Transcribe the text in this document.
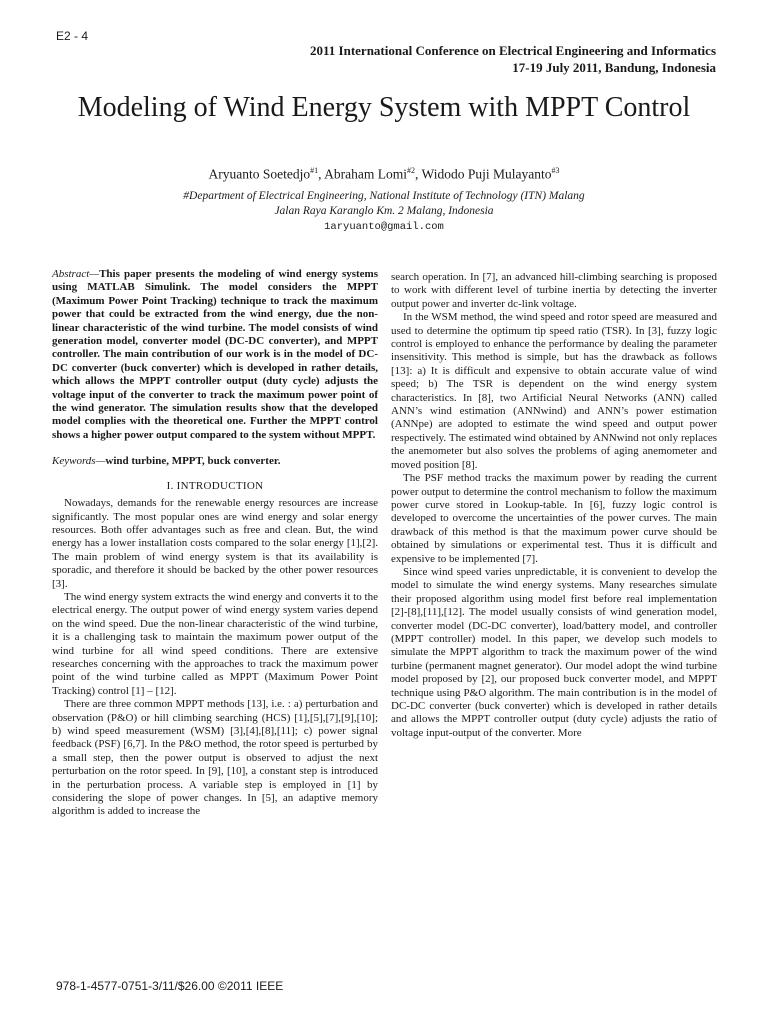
E2 - 4
2011 International Conference on Electrical Engineering and Informatics
17-19 July 2011, Bandung, Indonesia
Modeling of Wind Energy System with MPPT Control
Aryuanto Soetedjo$^{\#1}$, Abraham Lomi$^{\#2}$, Widodo Puji Mulayanto$^{\#3}$
#Department of Electrical Engineering, National Institute of Technology (ITN) Malang
Jalan Raya Karanglo Km. 2 Malang, Indonesia
1aryuanto@gmail.com

Abstract—This paper presents the modeling of wind energy systems using MATLAB Simulink. The model considers the MPPT (Maximum Power Point Tracking) technique to track the maximum power that could be extracted from the wind energy, due the non-linear characteristic of the wind turbine. The model consists of wind generation model, converter model (DC-DC converter), and MPPT controller. The main contribution of our work is in the model of DC-DC converter (buck converter) which is developed in rather details, which allows the MPPT controller output (duty cycle) adjusts the voltage input of the converter to track the maximum power point of the wind generator. The simulation results show that the developed model complies with the theoretical one. Further the MPPT control shows a higher power output compared to the system without MPPT.

Keywords—wind turbine, MPPT, buck converter.

I. INTRODUCTION

Nowadays, demands for the renewable energy resources are increase significantly. The most popular ones are wind energy and solar energy resources. Both offer advantages such as free and clean. But, the wind energy has a lower installation costs compared to the solar energy [1],[2]. The main problem of wind energy system is that its availability is sporadic, and therefore it should be backed by the other power resources [3].

The wind energy system extracts the wind energy and converts it to the electrical energy. The output power of wind energy system varies depend on the wind speed. Due the non-linear characteristic of the wind turbine, it is a challenging task to maintain the maximum power output of the wind turbine for all wind speed conditions. There are extensive researches concerning with the approaches to track the maximum power point of the wind turbine called as MPPT (Maximum Power Point Tracking) control [1] – [12].

There are three common MPPT methods [13], i.e. : a) perturbation and observation (P&O) or hill climbing searching (HCS) [1],[5],[7],[9],[10]; b) wind speed measurement (WSM) [3],[4],[8],[11]; c) power signal feedback (PSF) [6,7]. In the P&O method, the rotor speed is perturbed by a small step, then the power output is observed to adjust the next perturbation on the rotor speed. In [9], [10], a constant step is introduced in the perturbation process. A variable step is employed in [1] by considering the slope of power changes. In [5], an adaptive memory algorithm is added to increase the

search operation. In [7], an advanced hill-climbing searching is proposed to work with different level of turbine inertia by detecting the inverter output power and inverter dc-link voltage.

In the WSM method, the wind speed and rotor speed are measured and used to determine the optimum tip speed ratio (TSR). In [3], fuzzy logic control is employed to enhance the performance by dealing the parameter insensitivity. This method is simple, but has the drawback as follows [13]: a) It is difficult and expensive to obtain accurate value of wind speed; b) The TSR is dependent on the wind energy system characteristics. In [8], two Artificial Neural Networks (ANN) called ANN’s wind estimation (ANNwind) and ANN’s power estimation (ANNpe) are adopted to estimate the wind speed and output power respectively. The estimated wind obtained by ANNwind not only replaces the anemometer but also solves the problems of aging anemometer and moved position [8].

The PSF method tracks the maximum power by reading the current power output to determine the control mechanism to follow the maximum power curve stored in Lookup-table. In [6], fuzzy logic control is developed to overcome the uncertainties of the power curves. The main drawback of this method is that the maximum power curve should be obtained by simulations or experimental test. Thus it is difficult and expensive to be implemented [7].

Since wind speed varies unpredictable, it is convenient to develop the model to simulate the wind energy systems. Many researches simulate their proposed algorithm using model first before real implementation [2]-[8],[11],[12]. The model usually consists of wind generation model, converter model (DC-DC converter), load/battery model, and controller (MPPT controller) model. In this paper, we develop such models to simulate the MPPT algorithm to track the maximum power of the wind turbine (permanent magnet generator). Our model adopt the wind turbine model proposed by [2], our proposed buck converter model, and MPPT technique using P&O algorithm. The main contribution is in the model of DC-DC converter (buck converter) which is developed in rather details and allows the MPPT controller output (duty cycle) adjusts the ratio of voltage input-output of the converter. More

978-1-4577-0751-3/11/$26.00 ©2011 IEEE
